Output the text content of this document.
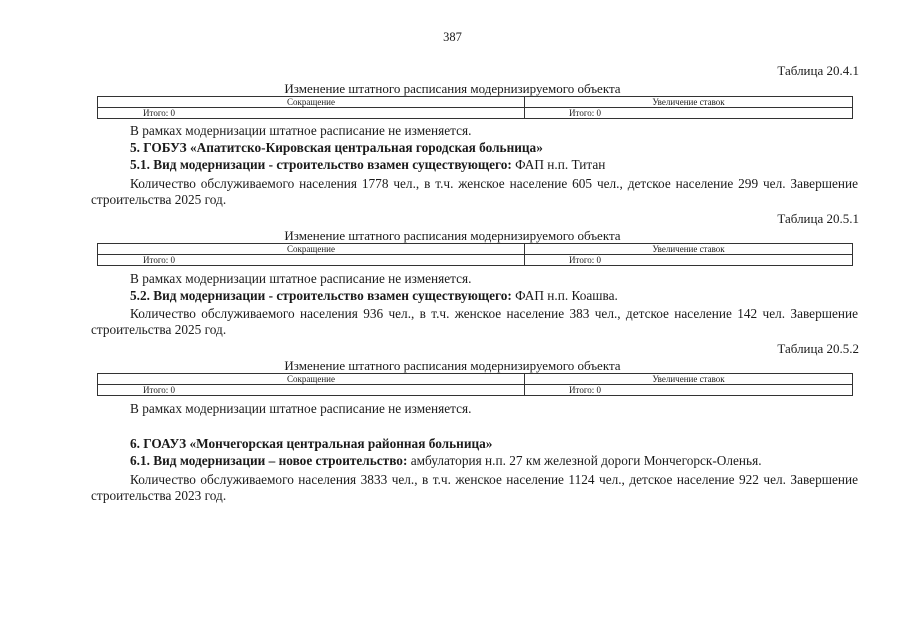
387
Таблица 20.4.1
Изменение штатного расписания модернизируемого объекта
Сокращение	Увеличение ставок
Итого: 0	Итого: 0
В рамках модернизации штатное расписание не изменяется.
5. ГОБУЗ «Апатитско-Кировская центральная городская больница»
5.1. Вид модернизации - строительство взамен существующего: ФАП н.п. Титан
Количество обслуживаемого населения 1778 чел., в т.ч. женское население 605 чел., детское население 299 чел. Завершение строительства 2025 год.
Таблица 20.5.1
Изменение штатного расписания модернизируемого объекта
Сокращение	Увеличение ставок
Итого: 0	Итого: 0
В рамках модернизации штатное расписание не изменяется.
5.2. Вид модернизации - строительство взамен существующего: ФАП н.п. Коашва.
Количество обслуживаемого населения 936 чел., в т.ч. женское население 383 чел., детское население 142 чел. Завершение строительства 2025 год.
Таблица 20.5.2
Изменение штатного расписания модернизируемого объекта
Сокращение	Увеличение ставок
Итого: 0	Итого: 0
В рамках модернизации штатное расписание не изменяется.
6. ГОАУЗ «Мончегорская центральная районная больница»
6.1. Вид модернизации – новое строительство: амбулатория н.п. 27 км железной дороги Мончегорск-Оленья.
Количество обслуживаемого населения 3833 чел., в т.ч. женское население 1124 чел., детское население 922 чел. Завершение строительства 2023 год.
